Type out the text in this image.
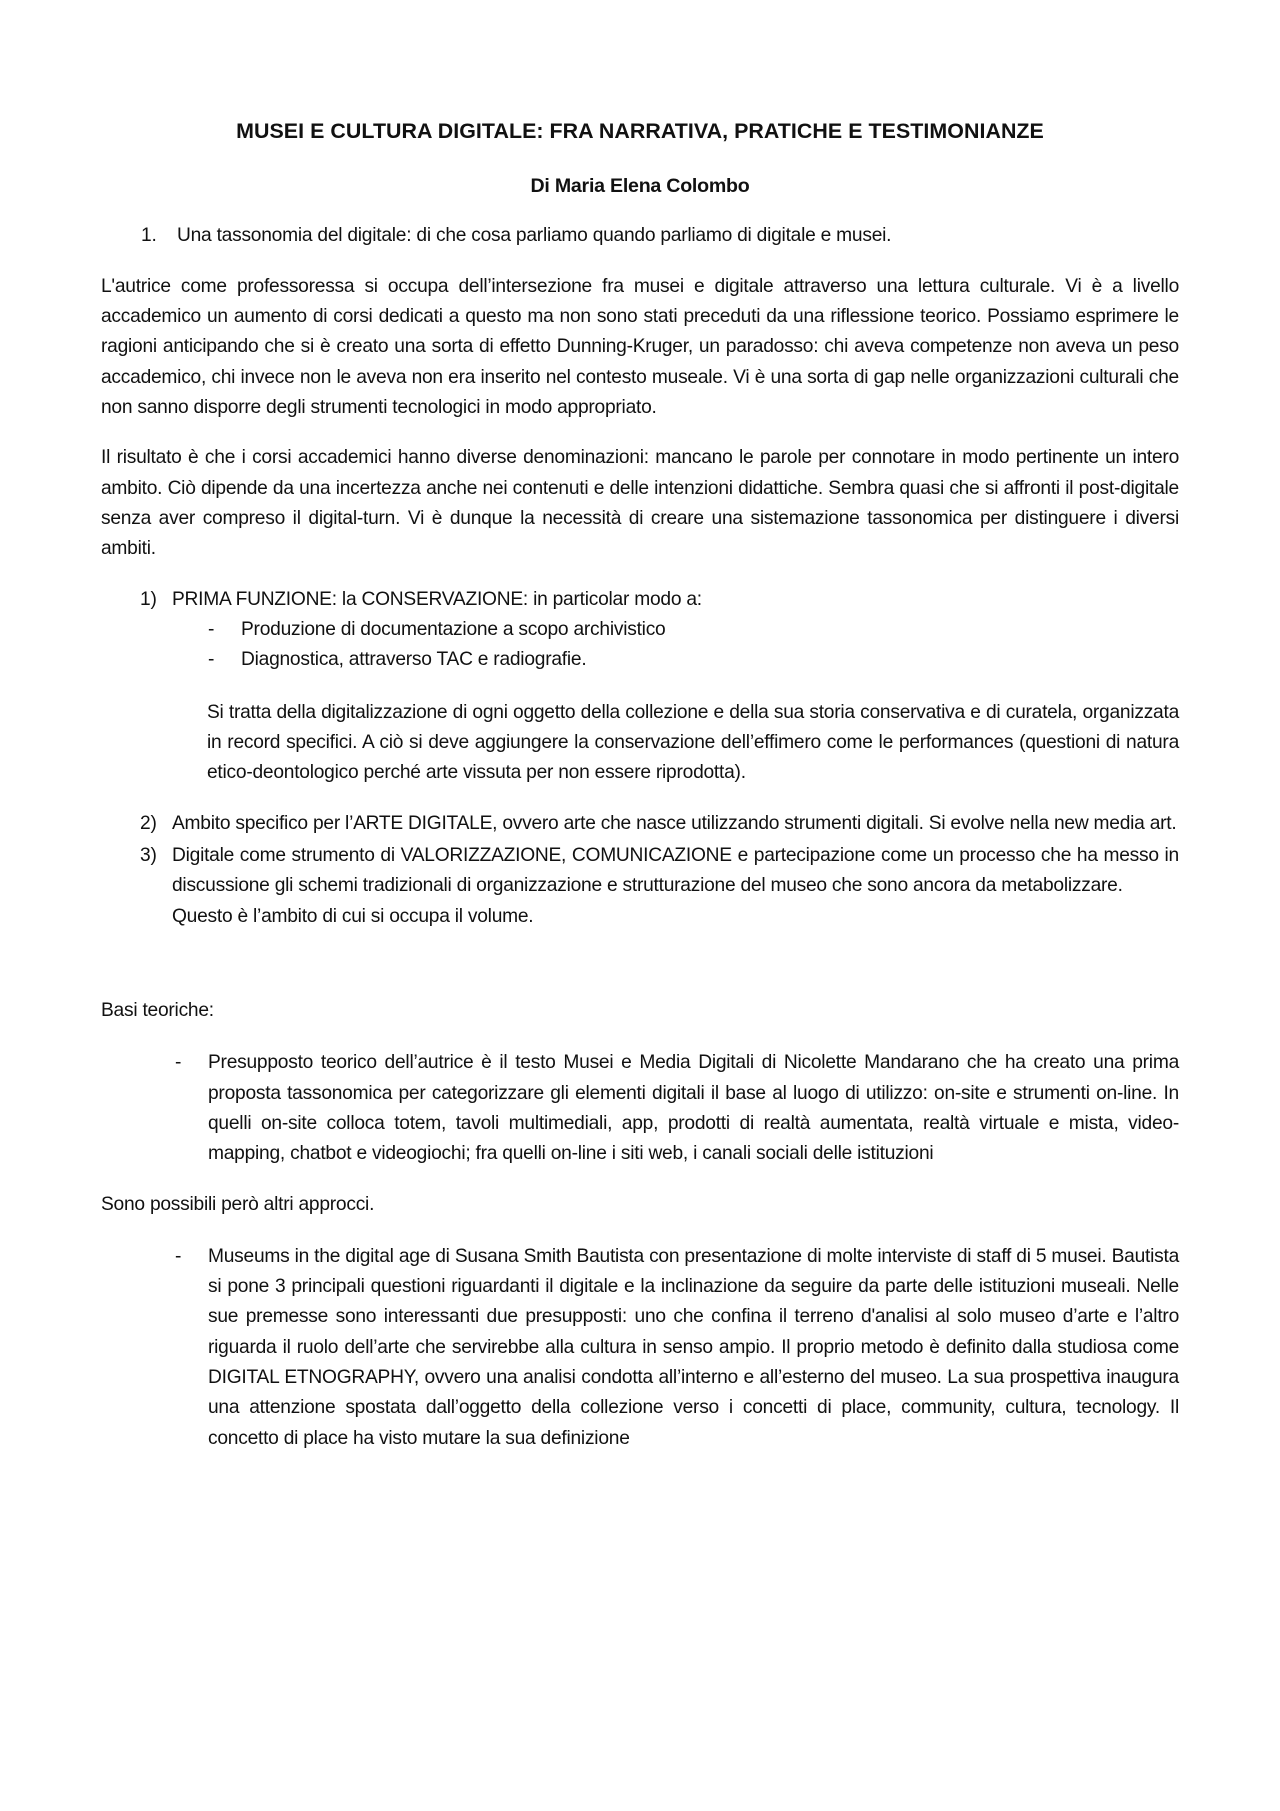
MUSEI E CULTURA DIGITALE: FRA NARRATIVA, PRATICHE E TESTIMONIANZE
Di Maria Elena Colombo
Una tassonomia del digitale: di che cosa parliamo quando parliamo di digitale e musei.

L'autrice come professoressa si occupa dell’intersezione fra musei e digitale attraverso una lettura culturale. Vi è a livello accademico un aumento di corsi dedicati a questo ma non sono stati preceduti da una riflessione teorico. Possiamo esprimere le ragioni anticipando che si è creato una sorta di effetto Dunning-Kruger, un paradosso: chi aveva competenze non aveva un peso accademico, chi invece non le aveva non era inserito nel contesto museale. Vi è una sorta di gap nelle organizzazioni culturali che non sanno disporre degli strumenti tecnologici in modo appropriato.

Il risultato è che i corsi accademici hanno diverse denominazioni: mancano le parole per connotare in modo pertinente un intero ambito. Ciò dipende da una incertezza anche nei contenuti e delle intenzioni didattiche. Sembra quasi che si affronti il post-digitale senza aver compreso il digital-turn. Vi è dunque la necessità di creare una sistemazione tassonomica per distinguere i diversi ambiti.

PRIMA FUNZIONE: la CONSERVAZIONE: in particolar modo a:
- Produzione di documentazione a scopo archivistico
- Diagnostica, attraverso TAC e radiografie.

Si tratta della digitalizzazione di ogni oggetto della collezione e della sua storia conservativa e di curatela, organizzata in record specifici. A ciò si deve aggiungere la conservazione dell’effimero come le performances (questioni di natura etico-deontologico perché arte vissuta per non essere riprodotta).

Ambito specifico per l’ARTE DIGITALE, ovvero arte che nasce utilizzando strumenti digitali. Si evolve nella new media art.
Digitale come strumento di VALORIZZAZIONE, COMUNICAZIONE e partecipazione come un processo che ha messo in discussione gli schemi tradizionali di organizzazione e strutturazione del museo che sono ancora da metabolizzare.
Questo è l’ambito di cui si occupa il volume.

Basi teoriche:

- Presupposto teorico dell’autrice è il testo Musei e Media Digitali di Nicolette Mandarano che ha creato una prima proposta tassonomica per categorizzare gli elementi digitali il base al luogo di utilizzo: on-site e strumenti on-line. In quelli on-site colloca totem, tavoli multimediali, app, prodotti di realtà aumentata, realtà virtuale e mista, video-mapping, chatbot e videogiochi; fra quelli on-line i siti web, i canali sociali delle istituzioni

Sono possibili però altri approcci.

- Museums in the digital age di Susana Smith Bautista con presentazione di molte interviste di staff di 5 musei. Bautista si pone 3 principali questioni riguardanti il digitale e la inclinazione da seguire da parte delle istituzioni museali. Nelle sue premesse sono interessanti due presupposti: uno che confina il terreno d'analisi al solo museo d’arte e l’altro riguarda il ruolo dell’arte che servirebbe alla cultura in senso ampio. Il proprio metodo è definito dalla studiosa come DIGITAL ETNOGRAPHY, ovvero una analisi condotta all’interno e all’esterno del museo. La sua prospettiva inaugura una attenzione spostata dall’oggetto della collezione verso i concetti di place, community, cultura, tecnology. Il concetto di place ha visto mutare la sua definizione
